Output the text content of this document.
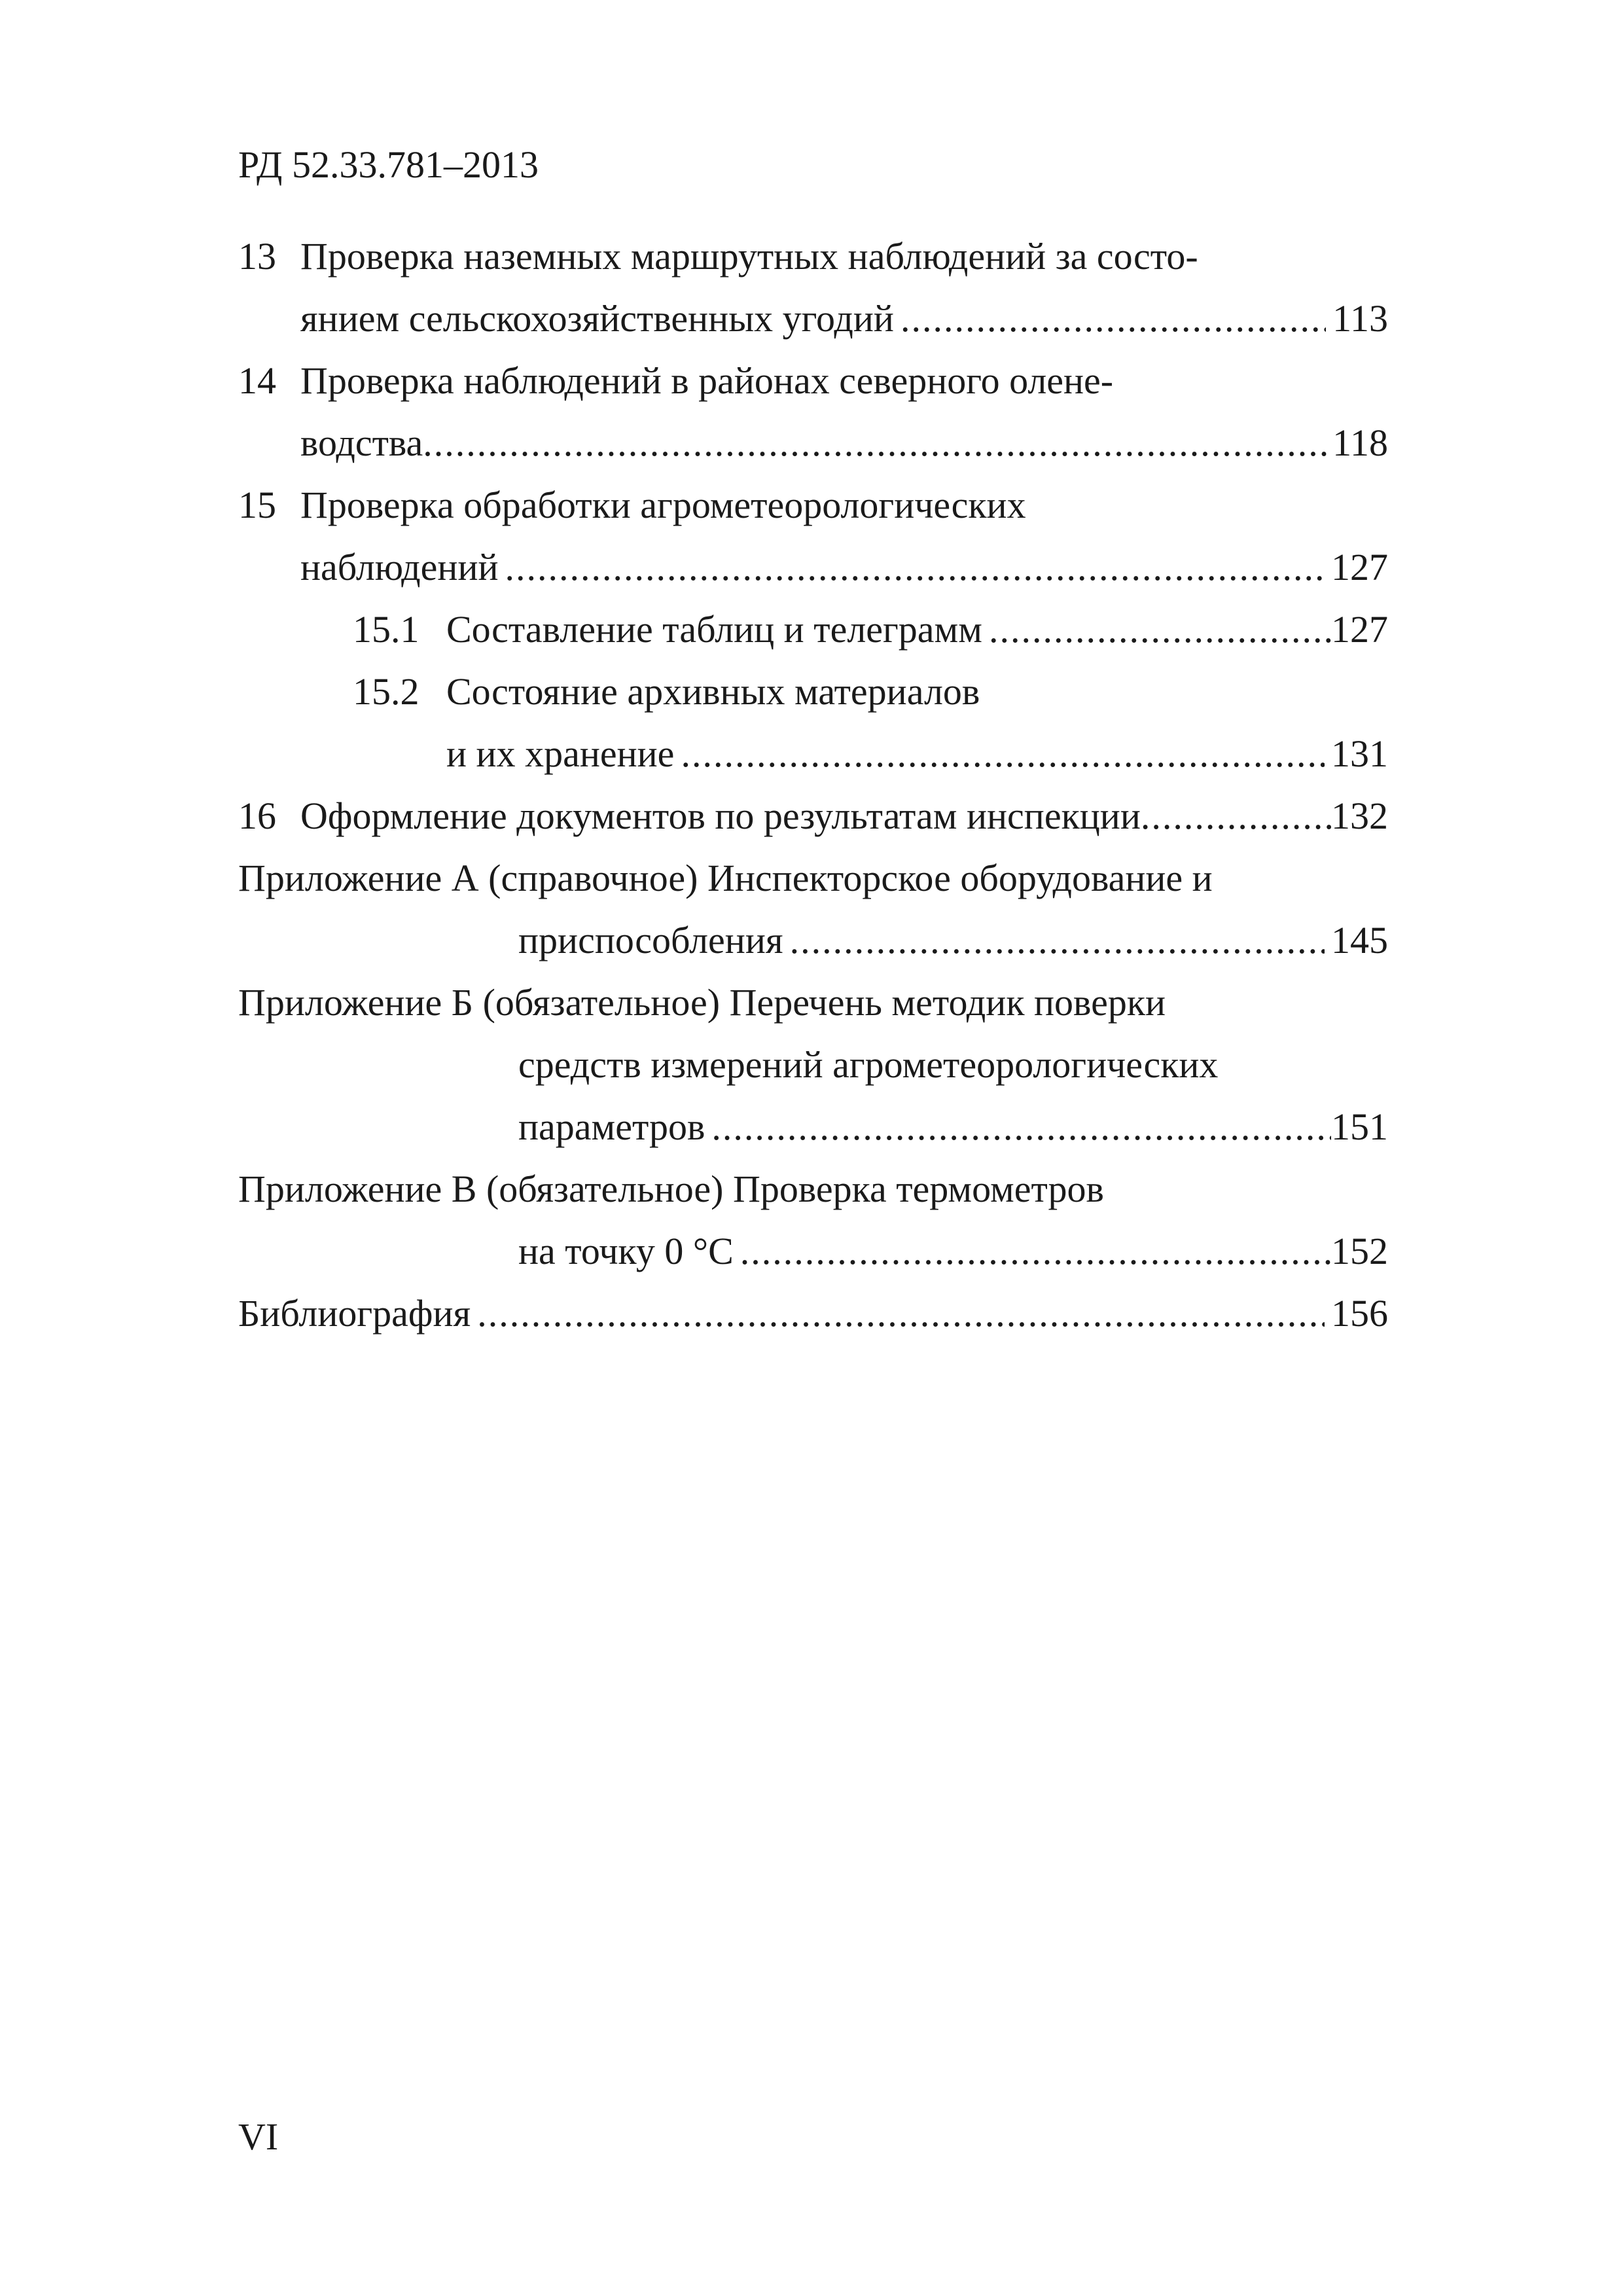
РД 52.33.781–2013
13 Проверка наземных маршрутных наблюдений за состо-
янием сельскохозяйственных угодий .....	113
14 Проверка наблюдений в районах северного олене-
водства .....	118
15 Проверка обработки агрометеорологических
наблюдений .....	127
15.1 Составление таблиц и телеграмм .....	127
15.2 Состояние архивных материалов
и их хранение .....	131
16 Оформление документов по результатам инспекции .....	132
Приложение А (справочное) Инспекторское оборудование и
приспособления .....	145
Приложение Б (обязательное) Перечень методик поверки
средств измерений агрометеорологических
параметров .....	151
Приложение В (обязательное) Проверка термометров
на точку 0 °С .....	152
Библиография .....	156
VI
